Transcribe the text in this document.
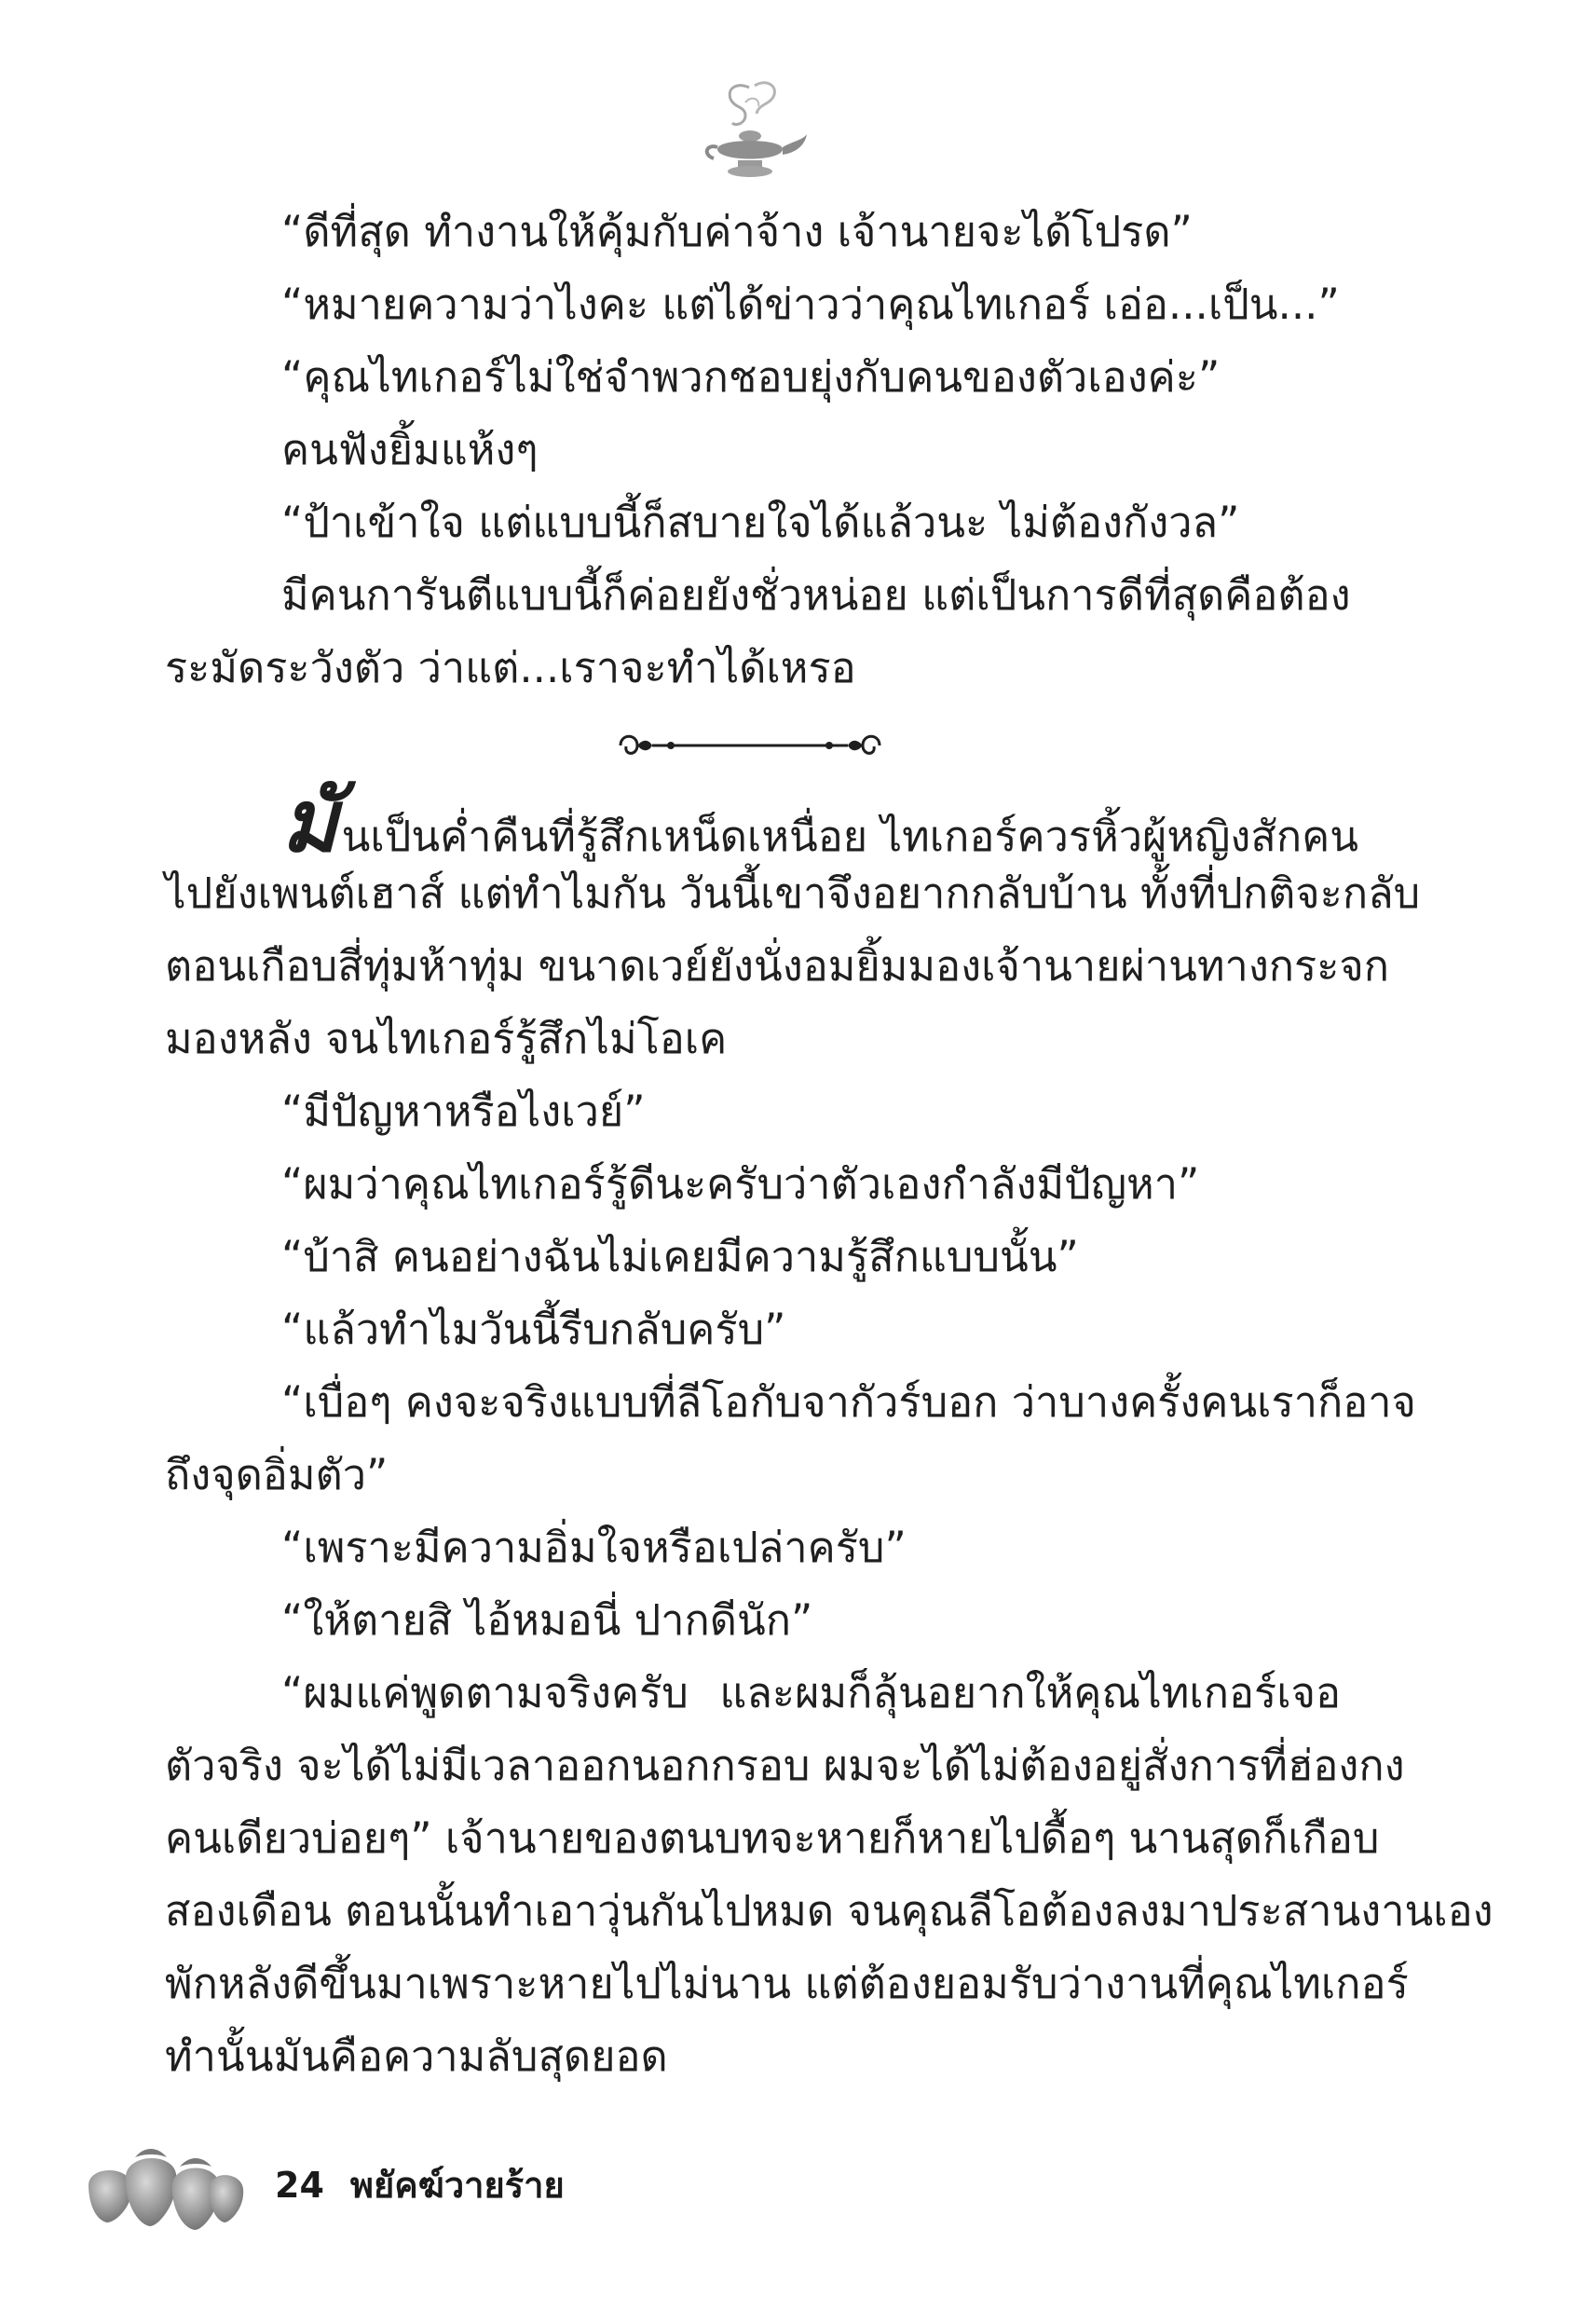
“ดีที่สุด ทำงานให้คุ้มกับค่าจ้าง เจ้านายจะได้โปรด”
“หมายความว่าไงคะ แต่ได้ข่าวว่าคุณไทเกอร์ เอ่อ...เป็น...”
“คุณไทเกอร์ไม่ใช่จำพวกชอบยุ่งกับคนของตัวเองค่ะ”
คนฟังยิ้มแห้งๆ
“ป้าเข้าใจ แต่แบบนี้ก็สบายใจได้แล้วนะ ไม่ต้องกังวล”
มีคนการันตีแบบนี้ก็ค่อยยังชั่วหน่อย แต่เป็นการดีที่สุดคือต้อง
ระมัดระวังตัว ว่าแต่...เราจะทำได้เหรอ
มันเป็นค่ำคืนที่รู้สึกเหน็ดเหนื่อย ไทเกอร์ควรหิ้วผู้หญิงสักคน
ไปยังเพนต์เฮาส์ แต่ทำไมกัน วันนี้เขาจึงอยากกลับบ้าน ทั้งที่ปกติจะกลับ
ตอนเกือบสี่ทุ่มห้าทุ่ม ขนาดเวย์ยังนั่งอมยิ้มมองเจ้านายผ่านทางกระจก
มองหลัง จนไทเกอร์รู้สึกไม่โอเค
“มีปัญหาหรือไงเวย์”
“ผมว่าคุณไทเกอร์รู้ดีนะครับว่าตัวเองกำลังมีปัญหา”
“บ้าสิ คนอย่างฉันไม่เคยมีความรู้สึกแบบนั้น”
“แล้วทำไมวันนี้รีบกลับครับ”
“เบื่อๆ คงจะจริงแบบที่ลีโอกับจากัวร์บอก ว่าบางครั้งคนเราก็อาจ
ถึงจุดอิ่มตัว”
“เพราะมีความอิ่มใจหรือเปล่าครับ”
“ให้ตายสิ ไอ้หมอนี่ ปากดีนัก”
“ผมแค่พูดตามจริงครับ และผมก็ลุ้นอยากให้คุณไทเกอร์เจอ
ตัวจริง จะได้ไม่มีเวลาออกนอกกรอบ ผมจะได้ไม่ต้องอยู่สั่งการที่ฮ่องกง
คนเดียวบ่อยๆ” เจ้านายของตนบทจะหายก็หายไปดื้อๆ นานสุดก็เกือบ
สองเดือน ตอนนั้นทำเอาวุ่นกันไปหมด จนคุณลีโอต้องลงมาประสานงานเอง
พักหลังดีขึ้นมาเพราะหายไปไม่นาน แต่ต้องยอมรับว่างานที่คุณไทเกอร์
ทำนั้นมันคือความลับสุดยอด
24 พยัคฆ์วายร้าย
